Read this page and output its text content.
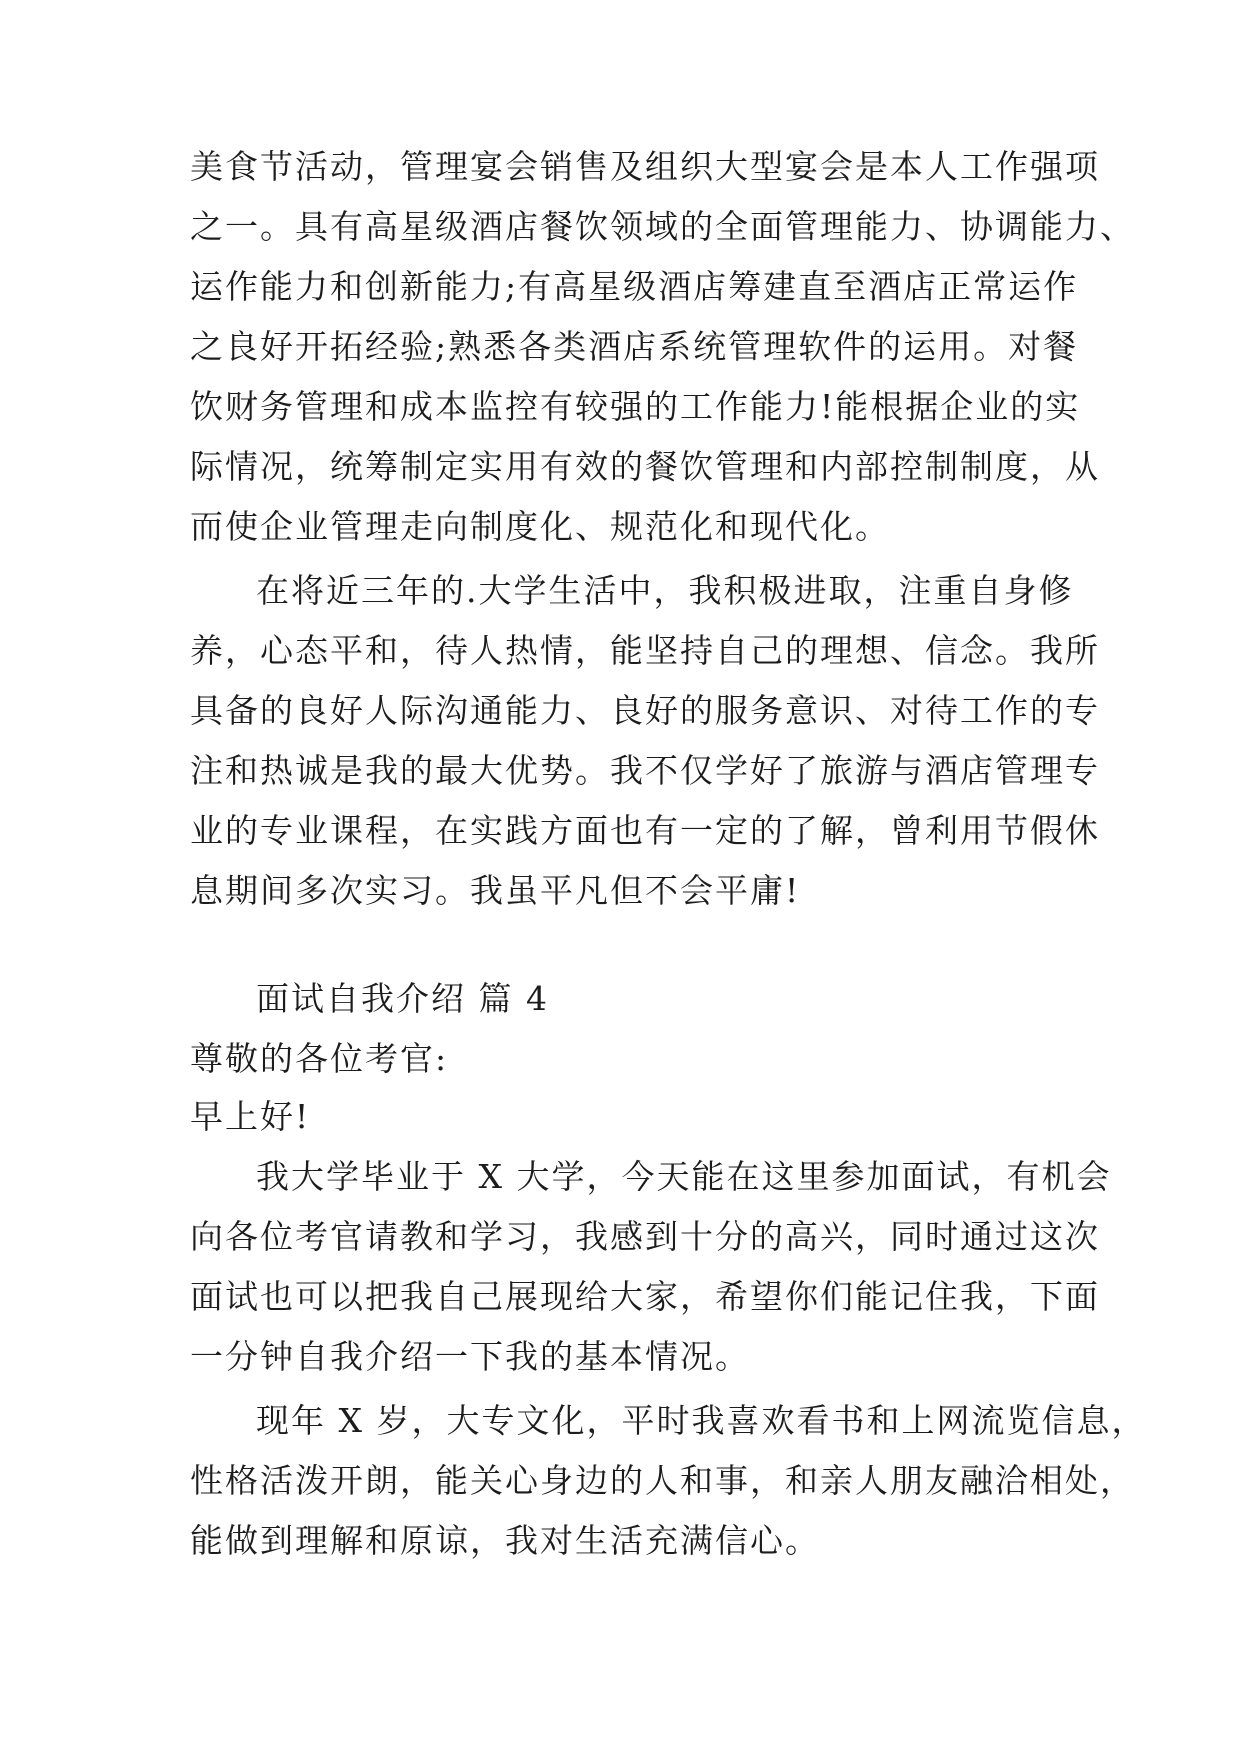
美食节活动，管理宴会销售及组织大型宴会是本人工作强项
之一。具有高星级酒店餐饮领域的全面管理能力、协调能力、
运作能力和创新能力;有高星级酒店筹建直至酒店正常运作
之良好开拓经验;熟悉各类酒店系统管理软件的运用。对餐
饮财务管理和成本监控有较强的工作能力!能根据企业的实
际情况，统筹制定实用有效的餐饮管理和内部控制制度，从
而使企业管理走向制度化、规范化和现代化。
在将近三年的.大学生活中，我积极进取，注重自身修
养，心态平和，待人热情，能坚持自己的理想、信念。我所
具备的良好人际沟通能力、良好的服务意识、对待工作的专
注和热诚是我的最大优势。我不仅学好了旅游与酒店管理专
业的专业课程，在实践方面也有一定的了解，曾利用节假休
息期间多次实习。我虽平凡但不会平庸!
面试自我介绍 篇 4
尊敬的各位考官:
早上好!
我大学毕业于 X 大学，今天能在这里参加面试，有机会
向各位考官请教和学习，我感到十分的高兴，同时通过这次
面试也可以把我自己展现给大家，希望你们能记住我，下面
一分钟自我介绍一下我的基本情况。
现年 X 岁，大专文化，平时我喜欢看书和上网流览信息，
性格活泼开朗，能关心身边的人和事，和亲人朋友融洽相处，
能做到理解和原谅，我对生活充满信心。
